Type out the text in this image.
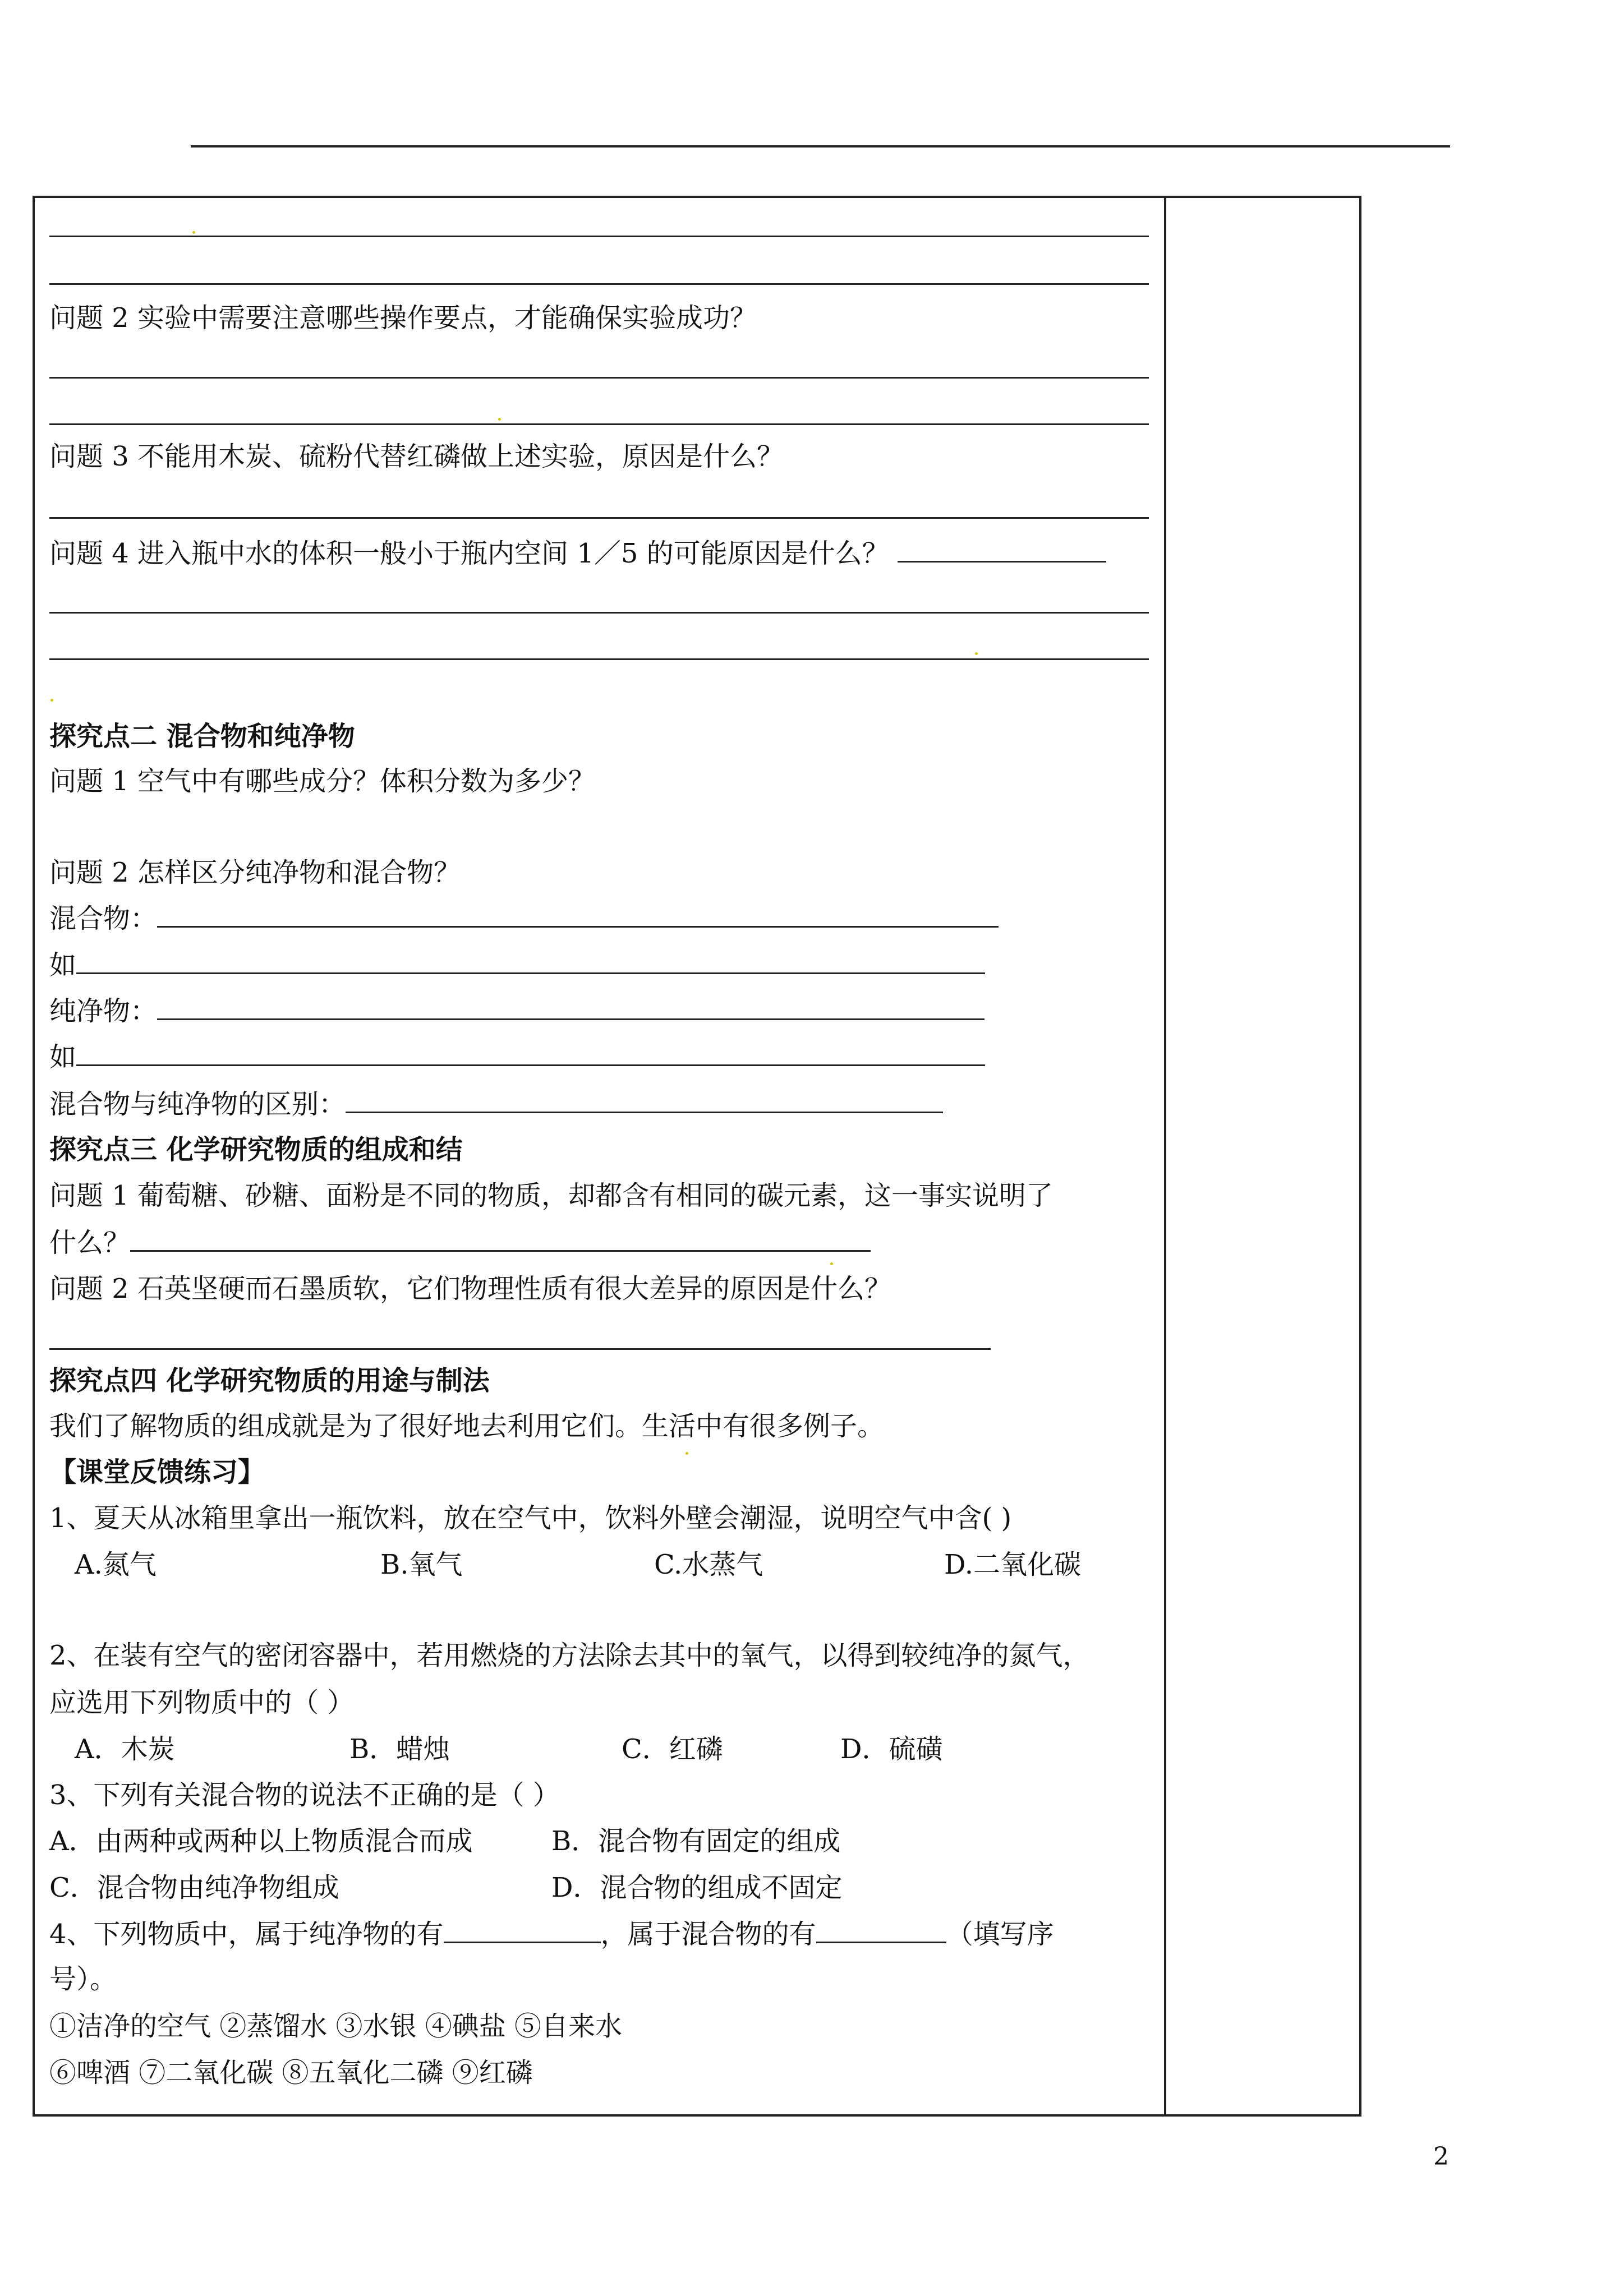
问题 2 实验中需要注意哪些操作要点，才能确保实验成功？
问题 3 不能用木炭、硫粉代替红磷做上述实验，原因是什么？
问题 4 进入瓶中水的体积一般小于瓶内空间 1／5 的可能原因是什么？
探究点二 混合物和纯净物
问题 1 空气中有哪些成分？体积分数为多少？
问题 2 怎样区分纯净物和混合物？
混合物：
如
纯净物：
如
混合物与纯净物的区别：
探究点三 化学研究物质的组成和结
问题 1 葡萄糖、砂糖、面粉是不同的物质，却都含有相同的碳元素，这一事实说明了
什么？
问题 2 石英坚硬而石墨质软，它们物理性质有很大差异的原因是什么？
探究点四 化学研究物质的用途与制法
我们了解物质的组成就是为了很好地去利用它们。生活中有很多例子。
【课堂反馈练习】
1、夏天从冰箱里拿出一瓶饮料，放在空气中，饮料外壁会潮湿，说明空气中含( )
A.氮气	B.氧气	C.水蒸气	D.二氧化碳
2、在装有空气的密闭容器中，若用燃烧的方法除去其中的氧气，以得到较纯净的氮气，
应选用下列物质中的（ ）
A．木炭	B．蜡烛	C．红磷	D．硫磺
3、下列有关混合物的说法不正确的是（ ）
A．由两种或两种以上物质混合而成	B．混合物有固定的组成
C．混合物由纯净物组成	D．混合物的组成不固定
4、下列物质中，属于纯净物的有	，属于混合物的有	（填写序
号）。
①洁净的空气 ②蒸馏水 ③水银 ④碘盐 ⑤自来水
⑥啤酒 ⑦二氧化碳 ⑧五氧化二磷 ⑨红磷
2
